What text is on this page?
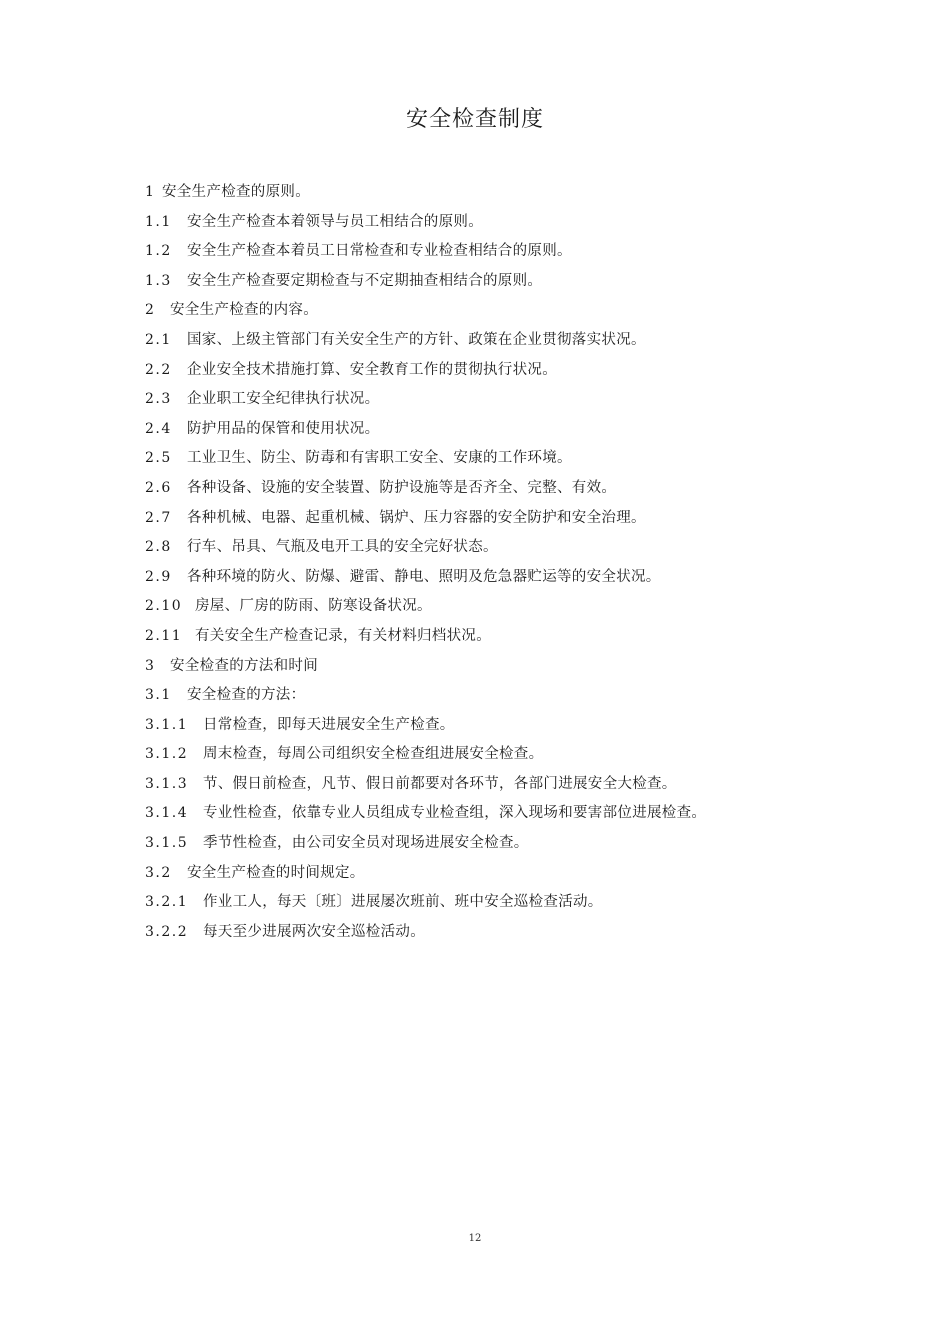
安全检查制度
1 安全生产检查的原则。
1.1	安全生产检查本着领导与员工相结合的原则。
1.2	安全生产检查本着员工日常检查和专业检查相结合的原则。
1.3	安全生产检查要定期检查与不定期抽查相结合的原则。
2	安全生产检查的内容。
2.1	国家、上级主管部门有关安全生产的方针、政策在企业贯彻落实状况。
2.2	企业安全技术措施打算、安全教育工作的贯彻执行状况。
2.3	企业职工安全纪律执行状况。
2.4	防护用品的保管和使用状况。
2.5	工业卫生、防尘、防毒和有害职工安全、安康的工作环境。
2.6	各种设备、设施的安全装置、防护设施等是否齐全、完整、有效。
2.7	各种机械、电器、起重机械、锅炉、压力容器的安全防护和安全治理。
2.8	行车、吊具、气瓶及电开工具的安全完好状态。
2.9	各种环境的防火、防爆、避雷、静电、照明及危急器贮运等的安全状况。
2.10 房屋、厂房的防雨、防寒设备状况。
2.11 有关安全生产检查记录，有关材料归档状况。
3	安全检查的方法和时间
3.1	安全检查的方法：
3.1.1	日常检查，即每天进展安全生产检查。
3.1.2	周末检查，每周公司组织安全检查组进展安全检查。
3.1.3	节、假日前检查，凡节、假日前都要对各环节，各部门进展安全大检查。
3.1.4	专业性检查，依靠专业人员组成专业检查组，深入现场和要害部位进展检查。
3.1.5	季节性检查，由公司安全员对现场进展安全检查。
3.2	安全生产检查的时间规定。
3.2.1	作业工人，每天〔班〕进展屡次班前、班中安全巡检查活动。
3.2.2	每天至少进展两次安全巡检活动。
12
